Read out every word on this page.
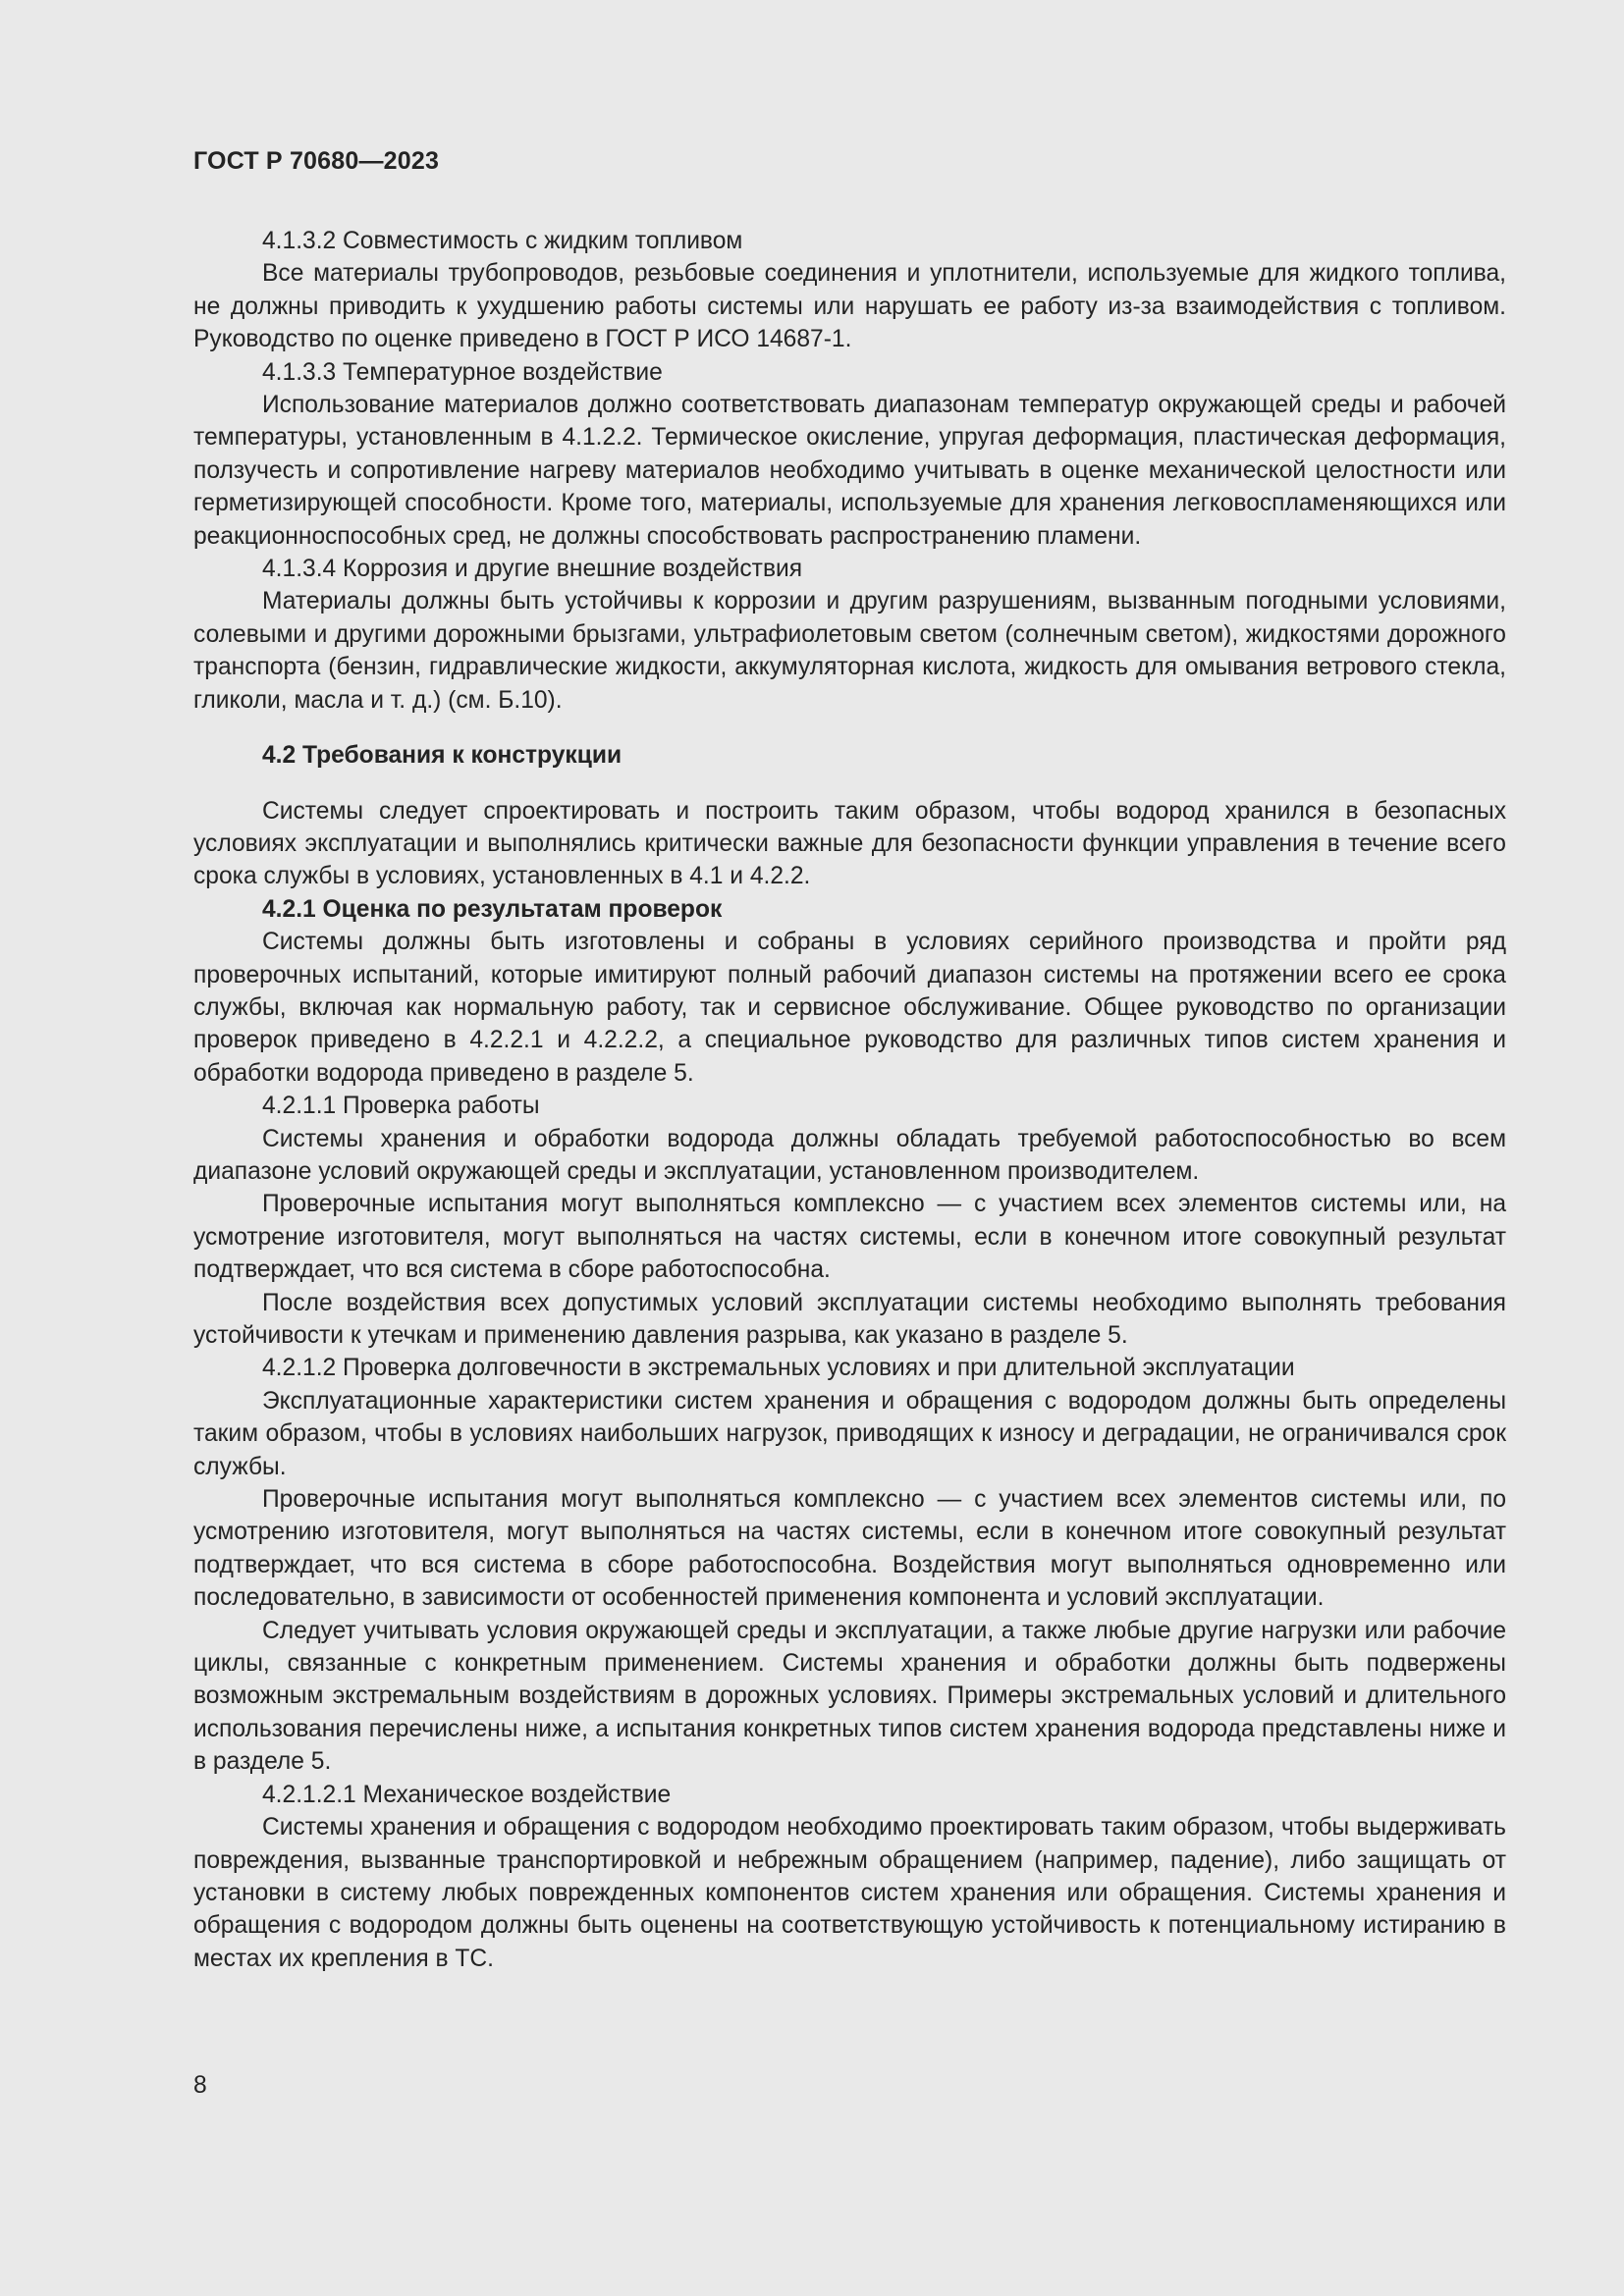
ГОСТ Р 70680—2023

4.1.3.2 Совместимость с жидким топливом

Все материалы трубопроводов, резьбовые соединения и уплотнители, используемые для жидкого топлива, не должны приводить к ухудшению работы системы или нарушать ее работу из-за взаимодействия с топливом. Руководство по оценке приведено в ГОСТ Р ИСО 14687-1.

4.1.3.3 Температурное воздействие

Использование материалов должно соответствовать диапазонам температур окружающей среды и рабочей температуры, установленным в 4.1.2.2. Термическое окисление, упругая деформация, пластическая деформация, ползучесть и сопротивление нагреву материалов необходимо учитывать в оценке механической целостности или герметизирующей способности. Кроме того, материалы, используемые для хранения легковоспламеняющихся или реакционноспособных сред, не должны способствовать распространению пламени.

4.1.3.4 Коррозия и другие внешние воздействия

Материалы должны быть устойчивы к коррозии и другим разрушениям, вызванным погодными условиями, солевыми и другими дорожными брызгами, ультрафиолетовым светом (солнечным светом), жидкостями дорожного транспорта (бензин, гидравлические жидкости, аккумуляторная кислота, жидкость для омывания ветрового стекла, гликоли, масла и т. д.) (см. Б.10).

4.2 Требования к конструкции

Системы следует спроектировать и построить таким образом, чтобы водород хранился в безопасных условиях эксплуатации и выполнялись критически важные для безопасности функции управления в течение всего срока службы в условиях, установленных в 4.1 и 4.2.2.

4.2.1 Оценка по результатам проверок

Системы должны быть изготовлены и собраны в условиях серийного производства и пройти ряд проверочных испытаний, которые имитируют полный рабочий диапазон системы на протяжении всего ее срока службы, включая как нормальную работу, так и сервисное обслуживание. Общее руководство по организации проверок приведено в 4.2.2.1 и 4.2.2.2, а специальное руководство для различных типов систем хранения и обработки водорода приведено в разделе 5.

4.2.1.1 Проверка работы

Системы хранения и обработки водорода должны обладать требуемой работоспособностью во всем диапазоне условий окружающей среды и эксплуатации, установленном производителем.

Проверочные испытания могут выполняться комплексно — с участием всех элементов системы или, на усмотрение изготовителя, могут выполняться на частях системы, если в конечном итоге совокупный результат подтверждает, что вся система в сборе работоспособна.

После воздействия всех допустимых условий эксплуатации системы необходимо выполнять требования устойчивости к утечкам и применению давления разрыва, как указано в разделе 5.

4.2.1.2 Проверка долговечности в экстремальных условиях и при длительной эксплуатации

Эксплуатационные характеристики систем хранения и обращения с водородом должны быть определены таким образом, чтобы в условиях наибольших нагрузок, приводящих к износу и деградации, не ограничивался срок службы.

Проверочные испытания могут выполняться комплексно — с участием всех элементов системы или, по усмотрению изготовителя, могут выполняться на частях системы, если в конечном итоге совокупный результат подтверждает, что вся система в сборе работоспособна. Воздействия могут выполняться одновременно или последовательно, в зависимости от особенностей применения компонента и условий эксплуатации.

Следует учитывать условия окружающей среды и эксплуатации, а также любые другие нагрузки или рабочие циклы, связанные с конкретным применением. Системы хранения и обработки должны быть подвержены возможным экстремальным воздействиям в дорожных условиях. Примеры экстремальных условий и длительного использования перечислены ниже, а испытания конкретных типов систем хранения водорода представлены ниже и в разделе 5.

4.2.1.2.1 Механическое воздействие

Системы хранения и обращения с водородом необходимо проектировать таким образом, чтобы выдерживать повреждения, вызванные транспортировкой и небрежным обращением (например, падение), либо защищать от установки в систему любых поврежденных компонентов систем хранения или обращения. Системы хранения и обращения с водородом должны быть оценены на соответствующую устойчивость к потенциальному истиранию в местах их крепления в ТС.

8
